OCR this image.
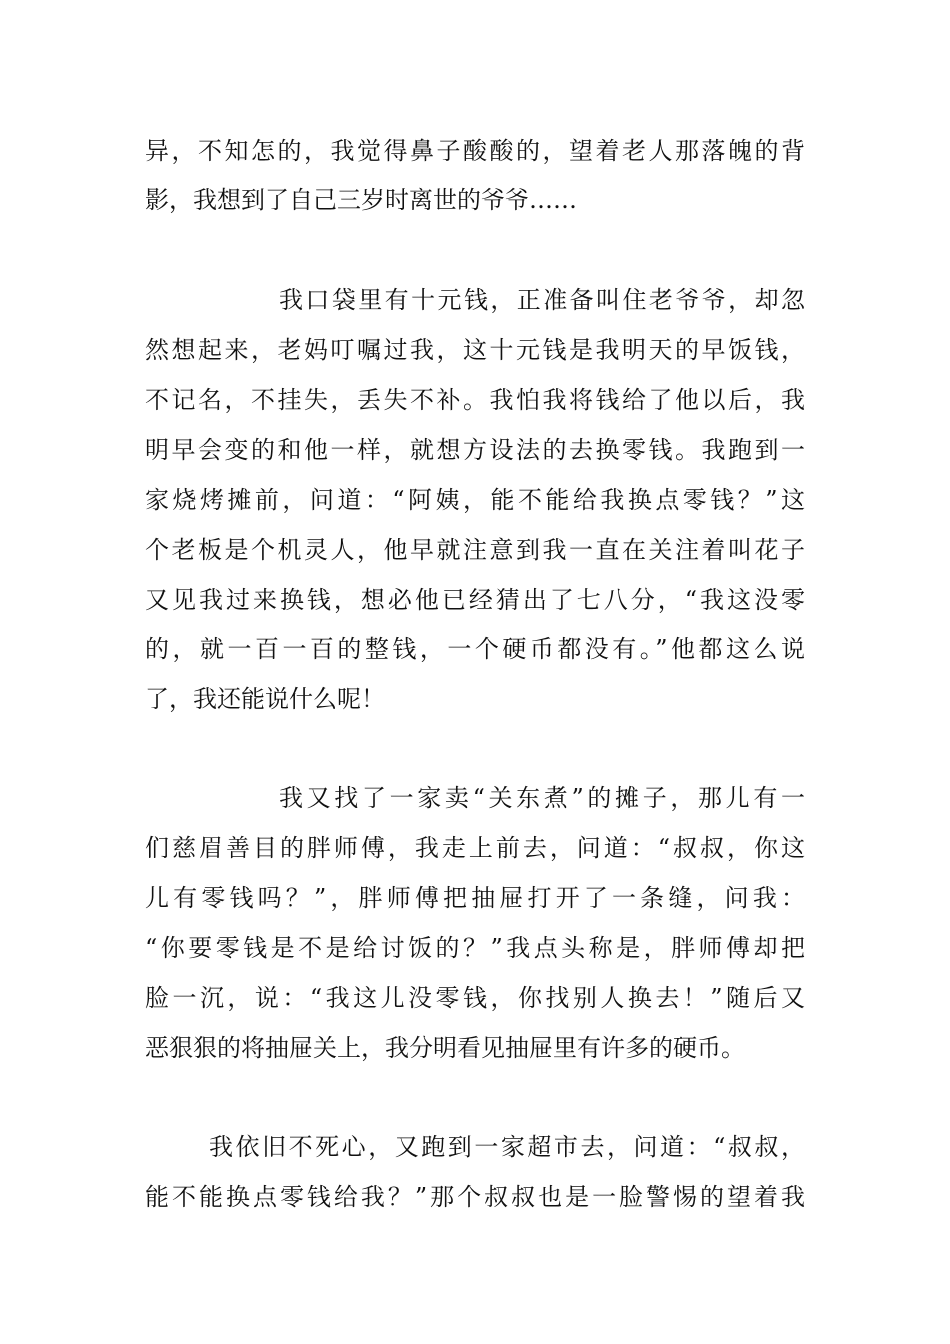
异，不知怎的，我觉得鼻子酸酸的，望着老人那落魄的背
影，我想到了自己三岁时离世的爷爷……
我口袋里有十元钱，正准备叫住老爷爷，却忽
然想起来，老妈叮嘱过我，这十元钱是我明天的早饭钱，
不记名，不挂失，丢失不补。我怕我将钱给了他以后，我
明早会变的和他一样，就想方设法的去换零钱。我跑到一
家烧烤摊前，问道：“阿姨，能不能给我换点零钱？”这
个老板是个机灵人，他早就注意到我一直在关注着叫花子
又见我过来换钱，想必他已经猜出了七八分，“我这没零
的，就一百一百的整钱，一个硬币都没有。”他都这么说
了，我还能说什么呢！
我又找了一家卖“关东煮”的摊子，那儿有一
们慈眉善目的胖师傅，我走上前去，问道：“叔叔，你这
儿有零钱吗？”，胖师傅把抽屉打开了一条缝，问我：
“你要零钱是不是给讨饭的？”我点头称是，胖师傅却把
脸一沉，说：“我这儿没零钱，你找别人换去！”随后又
恶狠狠的将抽屉关上，我分明看见抽屉里有许多的硬币。
我依旧不死心，又跑到一家超市去，问道：“叔叔，
能不能换点零钱给我？”那个叔叔也是一脸警惕的望着我
